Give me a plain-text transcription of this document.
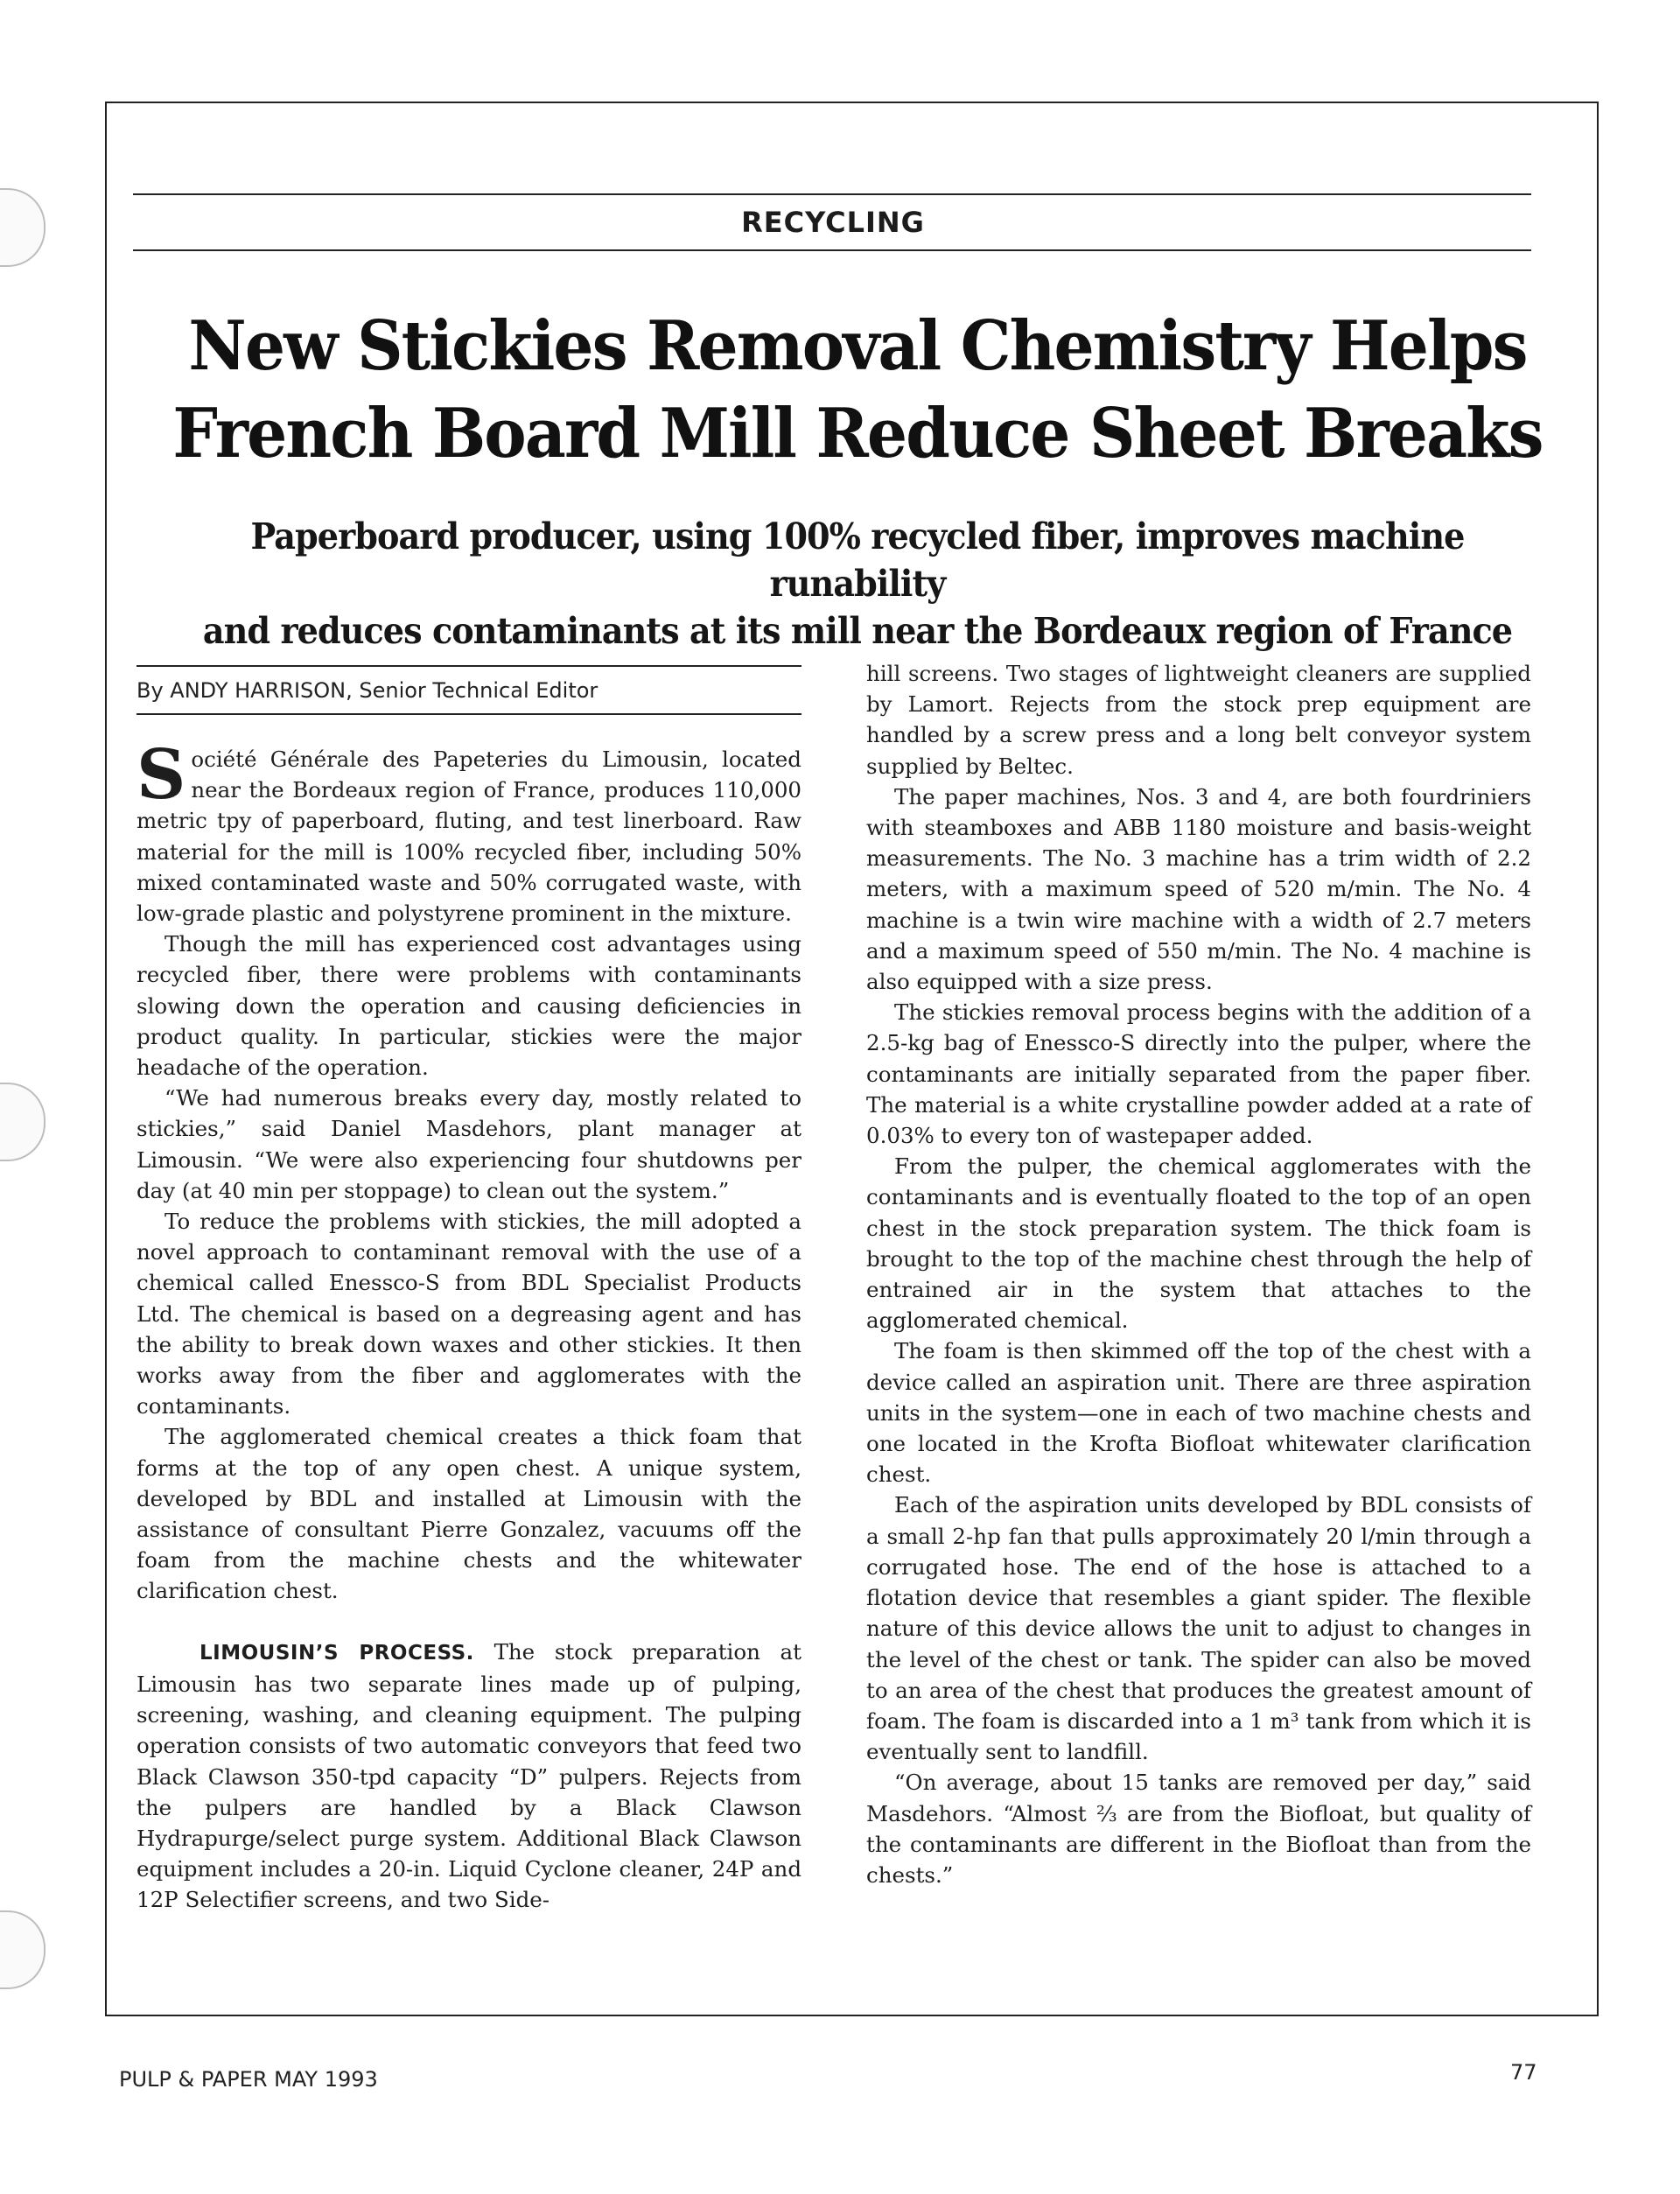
RECYCLING
New Stickies Removal Chemistry Helps
French Board Mill Reduce Sheet Breaks
Paperboard producer, using 100% recycled fiber, improves machine runability
and reduces contaminants at its mill near the Bordeaux region of France
By ANDY HARRISON, Senior Technical Editor

Société Générale des Papeteries du Limousin, located near the Bordeaux region of France, produces 110,000 metric tpy of paperboard, fluting, and test linerboard. Raw material for the mill is 100% recycled fiber, including 50% mixed contaminated waste and 50% corrugated waste, with low-grade plastic and polystyrene prominent in the mixture.

Though the mill has experienced cost advantages using recycled fiber, there were problems with contaminants slowing down the operation and causing deficiencies in product quality. In particular, stickies were the major headache of the operation.

“We had numerous breaks every day, mostly related to stickies,” said Daniel Masdehors, plant manager at Limousin. “We were also experiencing four shutdowns per day (at 40 min per stoppage) to clean out the system.”

To reduce the problems with stickies, the mill adopted a novel approach to contaminant removal with the use of a chemical called Enessco-S from BDL Specialist Products Ltd. The chemical is based on a degreasing agent and has the ability to break down waxes and other stickies. It then works away from the fiber and agglomerates with the contaminants.

The agglomerated chemical creates a thick foam that forms at the top of any open chest. A unique system, developed by BDL and installed at Limousin with the assistance of consultant Pierre Gonzalez, vacuums off the foam from the machine chests and the whitewater clarification chest.

LIMOUSIN’S PROCESS. The stock preparation at Limousin has two separate lines made up of pulping, screening, washing, and cleaning equipment. The pulping operation consists of two automatic conveyors that feed two Black Clawson 350-tpd capacity “D” pulpers. Rejects from the pulpers are handled by a Black Clawson Hydrapurge/select purge system. Additional Black Clawson equipment includes a 20-in. Liquid Cyclone cleaner, 24P and 12P Selectifier screens, and two Side-

hill screens. Two stages of lightweight cleaners are supplied by Lamort. Rejects from the stock prep equipment are handled by a screw press and a long belt conveyor system supplied by Beltec.

The paper machines, Nos. 3 and 4, are both fourdriniers with steamboxes and ABB 1180 moisture and basis-weight measurements. The No. 3 machine has a trim width of 2.2 meters, with a maximum speed of 520 m/min. The No. 4 machine is a twin wire machine with a width of 2.7 meters and a maximum speed of 550 m/min. The No. 4 machine is also equipped with a size press.

The stickies removal process begins with the addition of a 2.5-kg bag of Enessco-S directly into the pulper, where the contaminants are initially separated from the paper fiber. The material is a white crystalline powder added at a rate of 0.03% to every ton of wastepaper added.

From the pulper, the chemical agglomerates with the contaminants and is eventually floated to the top of an open chest in the stock preparation system. The thick foam is brought to the top of the machine chest through the help of entrained air in the system that attaches to the agglomerated chemical.

The foam is then skimmed off the top of the chest with a device called an aspiration unit. There are three aspiration units in the system—one in each of two machine chests and one located in the Krofta Biofloat whitewater clarification chest.

Each of the aspiration units developed by BDL consists of a small 2-hp fan that pulls approximately 20 l/min through a corrugated hose. The end of the hose is attached to a flotation device that resembles a giant spider. The flexible nature of this device allows the unit to adjust to changes in the level of the chest or tank. The spider can also be moved to an area of the chest that produces the greatest amount of foam. The foam is discarded into a 1 m³ tank from which it is eventually sent to landfill.

“On average, about 15 tanks are removed per day,” said Masdehors. “Almost ⅔ are from the Biofloat, but quality of the contaminants are different in the Biofloat than from the chests.”

PULP & PAPER MAY 1993	77
